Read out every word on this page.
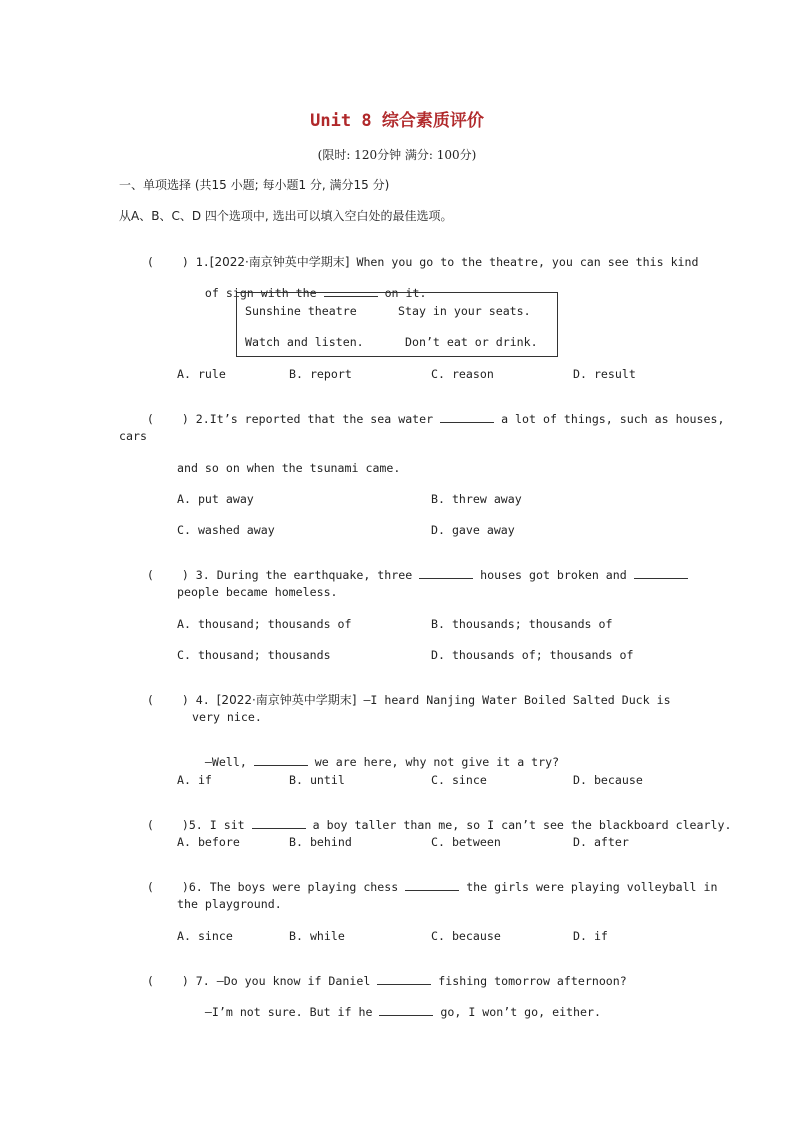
Unit 8 综合素质评价
(限时: 120分钟 满分: 100分)
一、单项选择 (共15 小题; 每小题1 分, 满分15 分)
从A、B、C、D 四个选项中, 选出可以填入空白处的最佳选项。

(    ) 1.[2022·南京钟英中学期末] When you go to the theatre, you can see this kind

of sign with the	on it.

Sunshine theatre	Stay in your seats.
Watch and listen.	Don’t eat or drink.
A. rule	B. report	C. reason	D. result

(    ) 2.It’s reported that the sea water	a lot of things, such as houses,

cars
and so on when the tsunami came.
A. put away	B. threw away
C. washed away	D. gave away

(    ) 3. During the earthquake, three	houses got broken and

people became homeless.
A. thousand; thousands of	B. thousands; thousands of
C. thousand; thousands	D. thousands of; thousands of

(    ) 4. [2022·南京钟英中学期末] —I heard Nanjing Water Boiled Salted Duck is

very nice.

—Well,	we are here, why not give it a try?

A. if	B. until	C. since	D. because

(    )5. I sit	a boy taller than me, so I can’t see the blackboard clearly.

A. before	B. behind	C. between	D. after

(    )6. The boys were playing chess	the girls were playing volleyball in

the playground.
A. since	B. while	C. because	D. if

(    ) 7. —Do you know if Daniel	fishing tomorrow afternoon?

—I’m not sure. But if he	go, I won’t go, either.
